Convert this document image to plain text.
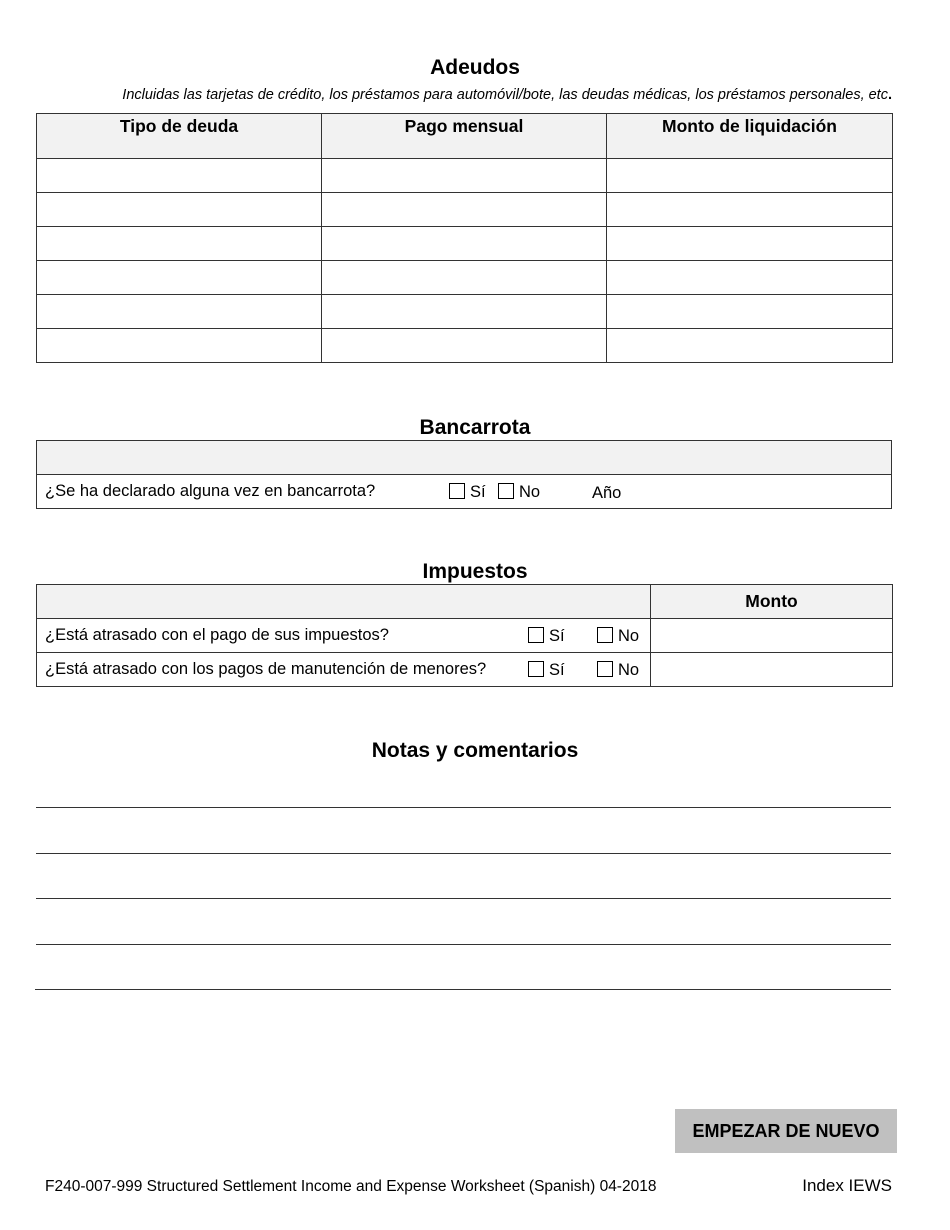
Adeudos
Incluidas las tarjetas de crédito, los préstamos para automóvil/bote, las deudas médicas, los préstamos personales, etc.
Tipo de deuda	Pago mensual	Monto de liquidación

Bancarrota

¿Se ha declarado alguna vez en bancarrota?	Sí	No	Año
Impuestos
	Monto
¿Está atrasado con el pago de sus impuestos? Sí No	

¿Está atrasado con los pagos de manutención de menores? Sí No	

Notas y comentarios
EMPEZAR DE NUEVO
F240-007-999 Structured Settlement Income and Expense Worksheet (Spanish) 04-2018	Index IEWS
